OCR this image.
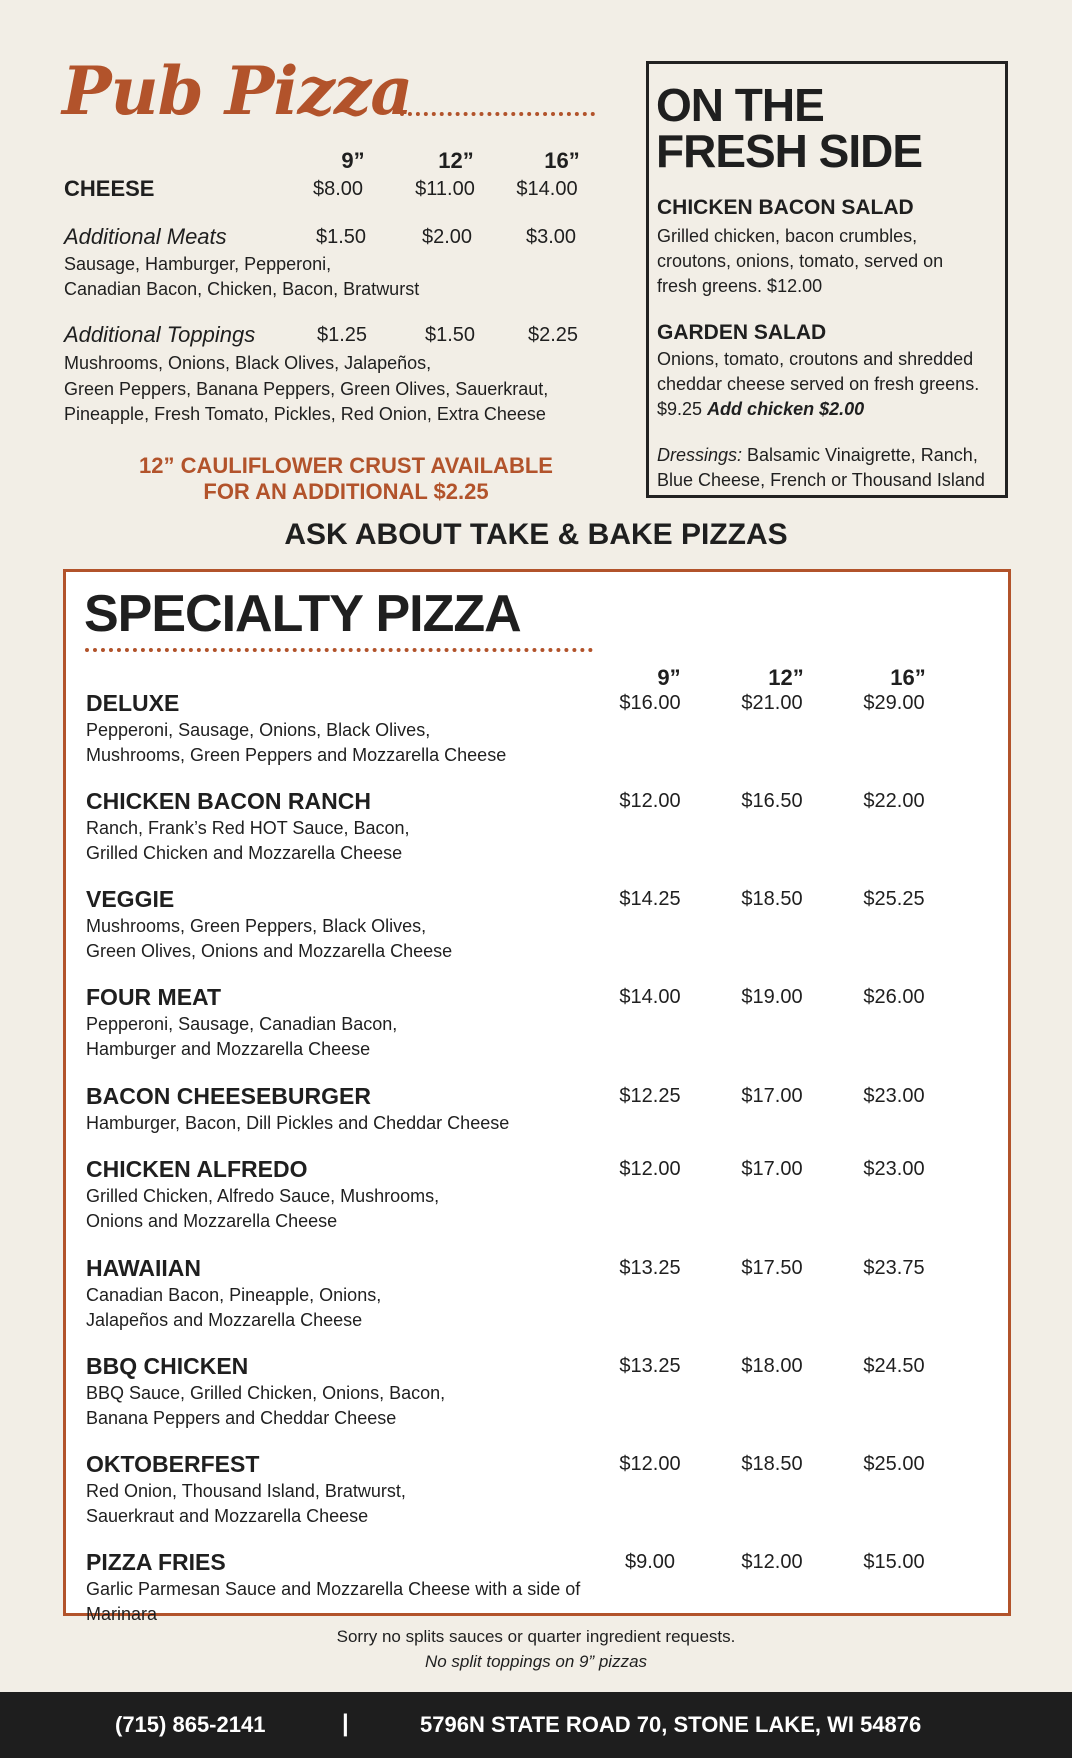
Pub Pizza
9”	12”	16”
CHEESE	$8.00	$11.00	$14.00
Additional Meats	$1.50	$2.00	$3.00
Sausage, Hamburger, Pepperoni,
Canadian Bacon, Chicken, Bacon, Bratwurst
Additional Toppings	$1.25	$1.50	$2.25
Mushrooms, Onions, Black Olives, Jalapeños,
Green Peppers, Banana Peppers, Green Olives, Sauerkraut,
Pineapple, Fresh Tomato, Pickles, Red Onion, Extra Cheese
12” CAULIFLOWER CRUST AVAILABLE
FOR AN ADDITIONAL $2.25
ON THE
FRESH SIDE
CHICKEN BACON SALAD
Grilled chicken, bacon crumbles,
croutons, onions, tomato, served on
fresh greens. $12.00
GARDEN SALAD
Onions, tomato, croutons and shredded
cheddar cheese served on fresh greens.
$9.25 Add chicken $2.00
Dressings: Balsamic Vinaigrette, Ranch,
Blue Cheese, French or Thousand Island
ASK ABOUT TAKE & BAKE PIZZAS
SPECIALTY PIZZA
9”	12”	16”
DELUXE
Pepperoni, Sausage, Onions, Black Olives,
Mushrooms, Green Peppers and Mozzarella Cheese
$16.00	$21.00	$29.00
CHICKEN BACON RANCH
Ranch, Frank’s Red HOT Sauce, Bacon,
Grilled Chicken and Mozzarella Cheese
$12.00	$16.50	$22.00
VEGGIE
Mushrooms, Green Peppers, Black Olives,
Green Olives, Onions and Mozzarella Cheese
$14.25	$18.50	$25.25
FOUR MEAT
Pepperoni, Sausage, Canadian Bacon,
Hamburger and Mozzarella Cheese
$14.00	$19.00	$26.00
BACON CHEESEBURGER
Hamburger, Bacon, Dill Pickles and Cheddar Cheese
$12.25	$17.00	$23.00
CHICKEN ALFREDO
Grilled Chicken, Alfredo Sauce, Mushrooms,
Onions and Mozzarella Cheese
$12.00	$17.00	$23.00
HAWAIIAN
Canadian Bacon, Pineapple, Onions,
Jalapeños and Mozzarella Cheese
$13.25	$17.50	$23.75
BBQ CHICKEN
BBQ Sauce, Grilled Chicken, Onions, Bacon,
Banana Peppers and Cheddar Cheese
$13.25	$18.00	$24.50
OKTOBERFEST
Red Onion, Thousand Island, Bratwurst,
Sauerkraut and Mozzarella Cheese
$12.00	$18.50	$25.00
PIZZA FRIES
Garlic Parmesan Sauce and Mozzarella Cheese with a side of Marinara
$9.00	$12.00	$15.00
Sorry no splits sauces or quarter ingredient requests.
No split toppings on 9” pizzas
(715) 865-2141	|	5796N STATE ROAD 70, STONE LAKE, WI 54876
